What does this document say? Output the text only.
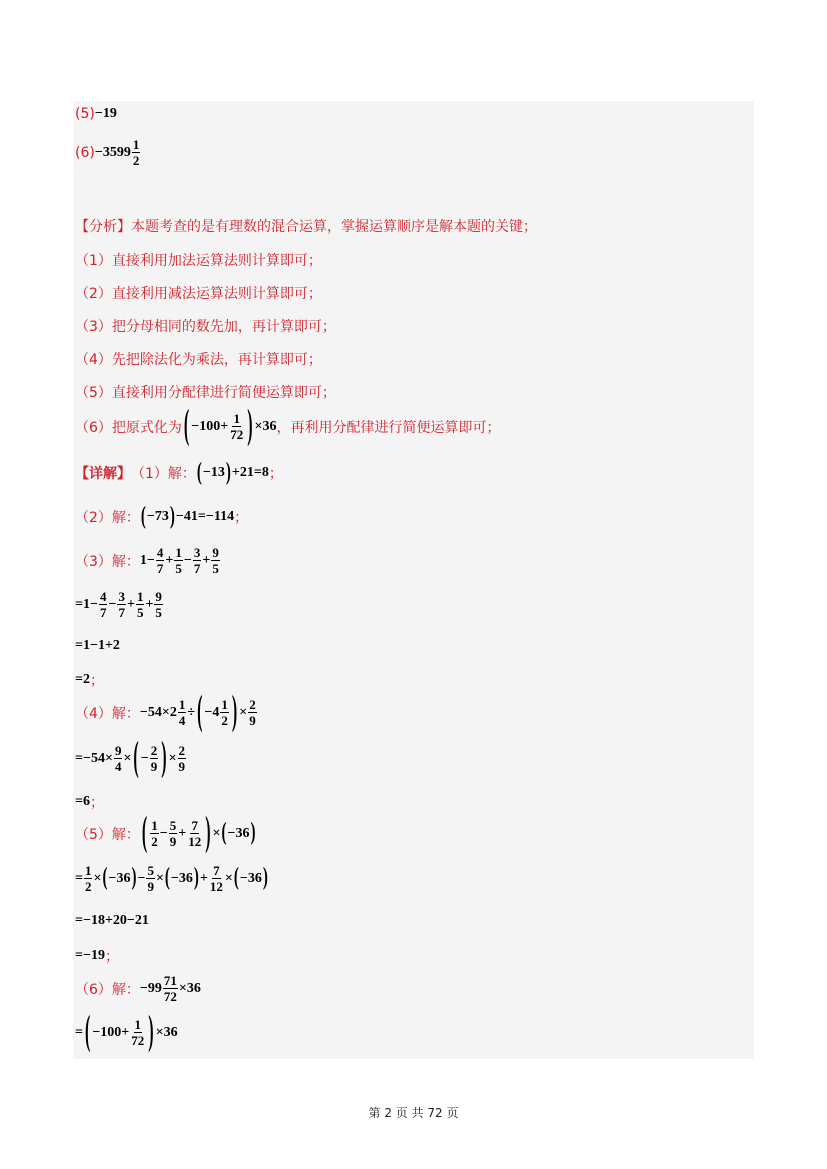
(5) −19
$(6) -3599 \frac{1}{2}$
【分析】本题考查的是有理数的混合运算，掌握运算顺序是解本题的关键；
（1）直接利用加法运算法则计算即可；
（2）直接利用减法运算法则计算即可；
（3）把分母相同的数先加，再计算即可；
（4）先把除法化为乘法，再计算即可；
（5）直接利用分配律进行简便运算即可；
（6）把原式化为 ( $-100+ \frac{1}{72}$ ) ×36 ，再利用分配律进行简便运算即可；
【详解】 （1）解： ( −13 ) +21=8 ；
（2）解： ( −73 ) −41=−114 ；
（3）解： $1- \frac{4}{7} + \frac{1}{5} - \frac{3}{7} + \frac{9}{5}$
$=1- \frac{4}{7} - \frac{3}{7} + \frac{1}{5} + \frac{9}{5}$
=1−1+2
=2 ；
（4）解： $-54\times 2 \frac{1}{4}$ ÷ ( $-4 \frac{1}{2}$ ) × $\frac{2}{9}$
$=-54\times \frac{9}{4}$ × ( − $\frac{2}{9}$ ) × $\frac{2}{9}$
=6 ；
（5）解： ( $\frac{1}{2} - \frac{5}{9} + \frac{7}{12}$ ) × ( −36 )
= $\frac{1}{2}$ × ( −36 ) − $\frac{5}{9}$ × ( −36 ) + $\frac{7}{12}$ × ( −36 )
=−18+20−21
=−19 ；
（6）解： $-99 \frac{71}{72} \times 36$
= ( $-100+ \frac{1}{72}$ ) ×36
第 2 页 共 72 页
